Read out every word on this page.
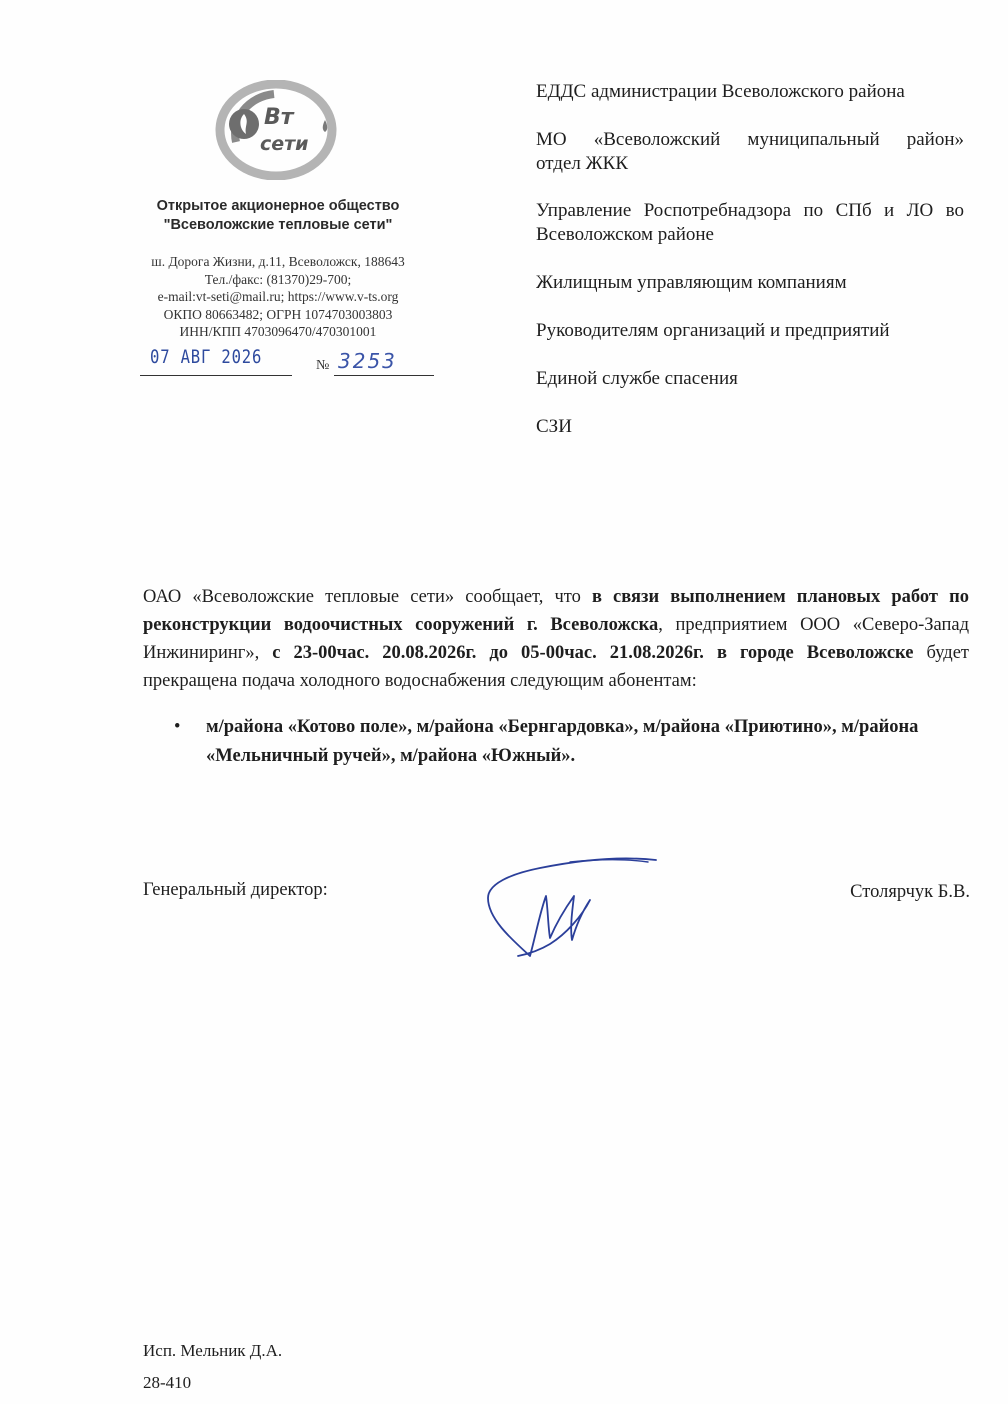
Вт
сети
Открытое акционерное общество
"Всеволожские тепловые сети"
ш. Дорога Жизни, д.11, Всеволожск, 188643
Тел./факс: (81370)29-700;
e-mail:vt-seti@mail.ru; https://www.v-ts.org
ОКПО 80663482; ОГРН 1074703003803
ИНН/КПП 4703096470/470301001
07 АВГ 2026	№ 3253
ЕДДС администрации Всеволожского района
МО «Всеволожский муниципальный район»
отдел ЖКК
Управление Роспотребнадзора по СПб и ЛО во
Всеволожском районе
Жилищным управляющим компаниям
Руководителям организаций и предприятий
Единой службе спасения
СЗИ
ОАО «Всеволожские тепловые сети» сообщает, что в связи выполнением плановых работ по реконструкции водоочистных сооружений г. Всеволожска, предприятием ООО «Северо-Запад Инжиниринг», с 23-00час. 20.08.2026г. до 05-00час. 21.08.2026г. в городе Всеволожске будет прекращена подача холодного водоснабжения следующим абонентам:
• м/района «Котово поле», м/района «Бернгардовка», м/района «Приютино», м/района «Мельничный ручей», м/района «Южный».
Генеральный директор:	Столярчук Б.В.
Исп. Мельник Д.А.
28-410
